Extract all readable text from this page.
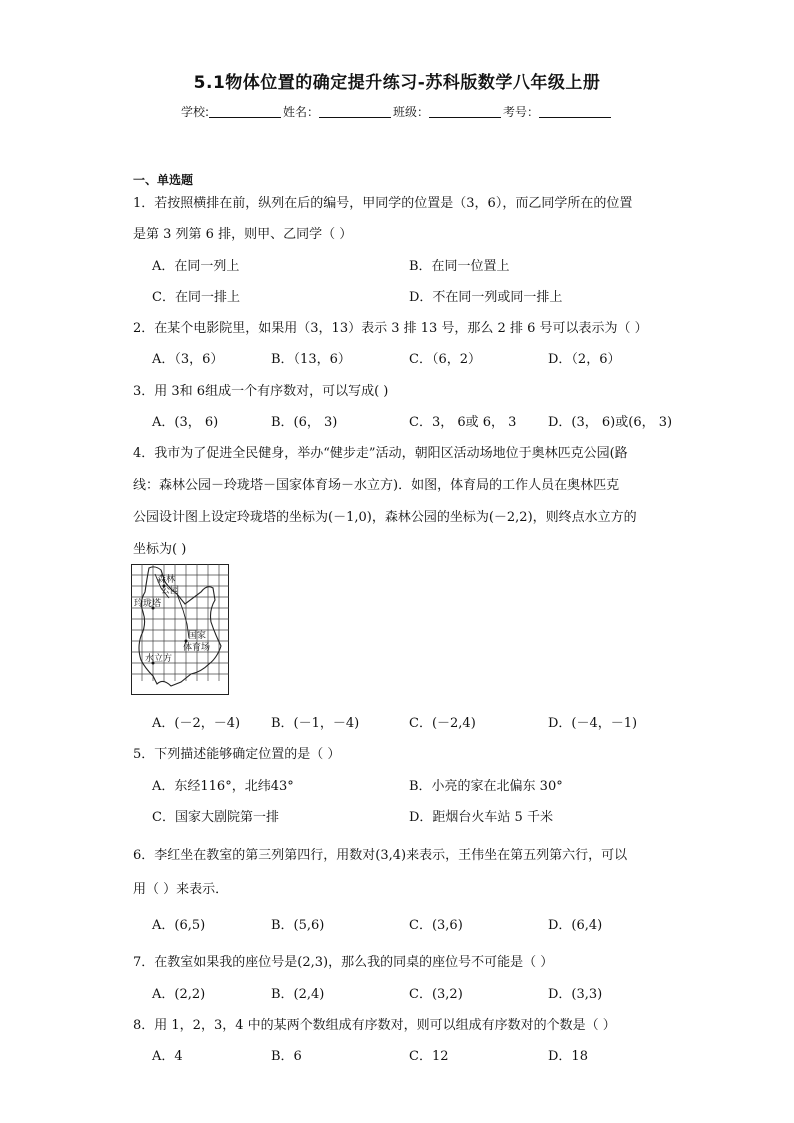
5.1物体位置的确定提升练习-苏科版数学八年级上册
学校:	姓名：	班级：	考号：
一、单选题
1．若按照横排在前，纵列在后的编号，甲同学的位置是（3，6），而乙同学所在的位置
是第 3 列第 6 排，则甲、乙同学（ ）
A．在同一列上	B．在同一位置上
C．在同一排上	D．不在同一列或同一排上
2．在某个电影院里，如果用（3，13）表示 3 排 13 号，那么 2 排 6 号可以表示为（ ）
A．（3，6）	B．（13，6）	C．（6，2）	D．（2，6）
3．用 3和 6组成一个有序数对，可以写成( )
A．(3， 6)	B．(6， 3)	C．3， 6或 6， 3 D．(3， 6)或(6， 3)
4．我市为了促进全民健身，举办“健步走”活动，朝阳区活动场地位于奥林匹克公园(路
线：森林公园－玲珑塔－国家体育场－水立方)．如图，体育局的工作人员在奥林匹克
公园设计图上设定玲珑塔的坐标为(－1,0)，森林公园的坐标为(－2,2)，则终点水立方的
坐标为( )
森林
公园
玲珑塔
国家
体育场
水立方
A．(－2，－4) B．(－1，－4)	C．(－2,4)	D．(－4，－1)
5．下列描述能够确定位置的是（ ）
A．东经116°，北纬43°	B．小亮的家在北偏东 30°
C．国家大剧院第一排	D．距烟台火车站 5 千米
6．李红坐在教室的第三列第四行，用数对(3,4)来表示，王伟坐在第五列第六行，可以
用（ ）来表示．
A．(6,5)	B．(5,6)	C．(3,6)	D．(6,4)
7．在教室如果我的座位号是(2,3)，那么我的同桌的座位号不可能是（ ）
A．(2,2)	B．(2,4)	C．(3,2)	D．(3,3)
8．用 1，2，3，4 中的某两个数组成有序数对，则可以组成有序数对的个数是（ ）
A．4	B．6	C．12	D．18
